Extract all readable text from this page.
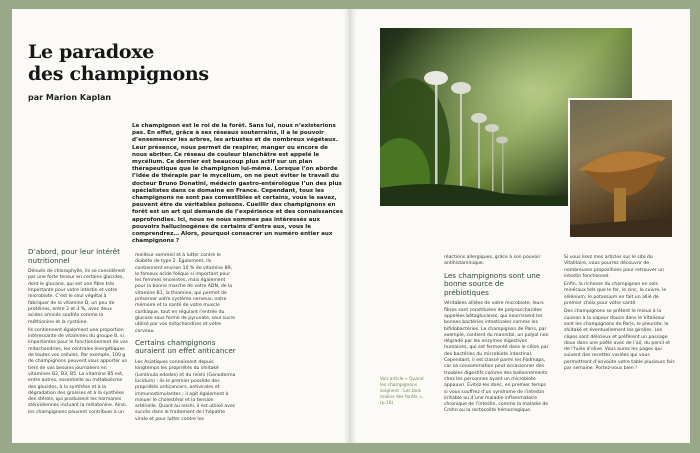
Le paradoxe
des champignons
par Marion Kaplan

Le champignon est le roi de la forêt. Sans lui, nous n’existerions pas. En effet, grâce à ses réseaux souterrains, il a le pouvoir d’ensemencer les arbres, les arbustes et de nombreux végétaux. Leur présence, nous permet de respirer, manger ou encore de nous abriter. Ce réseau de couleur blanchâtre est appelé le mycélium. Ce dernier est beaucoup plus actif sur un plan thérapeutique que le champignon lui-même. Lorsque l’on aborde l’idée de thérapie par le mycélium, on ne peut éviter le travail du docteur Bruno Donatini, médecin gastro-entérologue l’un des plus spécialistes dans ce domaine en France. Cependant, tous les champignons ne sont pas comestibles et certains, vous le savez, peuvent être de véritables poisons. Cueillir des champignons en forêt est un art qui demande de l’expérience et des connaissances approfondies. Ici, nous ne nous sommes pas intéressés aux pouvoirs hallucinogènes de certains d’entre eux, vous le comprendrez… Alors, pourquoi consacrer un numéro entier aux champignons ?

D’abord, pour leur intérêt nutritionnel

Dénués de chlorophylle, ils se considèrent par une forte teneur en certains glucides, dont le glucane, qui est une fibre très importante pour votre intestin et votre microbiote. C’est le seul végétal à fabriquer de la vitamine D, un peu de protéines, entre 2 et 3 %, avec deux acides aminés soufrés comme la méthionine et la cystéine.

Ils contiennent également une proportion intéressante de vitamines du groupe B, si importantes pour le fonctionnement de vos mitochondries, les centrales énergétiques de toutes vos cellules. Par exemple, 100 g de champignons peuvent vous apporter un tiers de vos besoins journaliers en vitamines B2, B3, B5. La vitamine B5 est, entre autres, essentielle au métabolisme des glucides, à la synthèse et à la dégradation des graisses et à la synthèse des stérols, qui produisent les hormones stéroïdiennes incluant la mélatonine. Ainsi, les champignons peuvent contribuer à un

meilleur sommeil et à lutter contre le diabète de type 2. Également, ils contiennent environ 10 % de vitamine B9, le fameux acide folique si important pour les femmes enceintes, mais également pour la bonne marche de votre ADN, de la vitamine B1, la thiamine, qui permet de préserver votre système nerveux, votre mémoire et la santé de votre muscle cardiaque, tout en régulant l’entrée du glucose sous forme de pyruvate, seul sucre utilisé par vos mitochondries et votre cerveau.

Certains champignons auraient un effet anticancer

Les Asiatiques connaissent depuis longtemps les propriétés du shiitaké (Lentinula edodes) et du reishi (Ganoderma lucidum) : ils le premier possède des propriétés anticancers, antivirales et immunostimulantes ; il agit également à minuer le cholestérol et la tension artérielle. Quant au reishi, il est utilisé avec succès dans le traitement de l’hépatite virale et pour lutter contre les

réactions allergiques, grâce à son pouvoir antihistaminique.

Les champignons sont une bonne source de prébiotiques

Véritables alliées de votre microbiote, leurs fibres sont constituées de polysaccharides appelées bêtaglucanes, qui nourrissent les bonnes bactéries intestinales comme les bifidobactéries. Le champignon de Paris, par exemple, contient du mannitol, un polyol non dégradé par les enzymes digestives humaines, qui est fermenté dans le côlon par des bactéries du microbiote intestinal. Cependant, il est classé parmi les Fodmaps, car sa consommation peut occasionner des troubles digestifs comme des ballonnements chez les personnes ayant un microbiote appauvri. Évitez-les donc, en premier temps si vous souffrez d’un syndrome de l’intestin irritable ou d’une maladie inflammatoire chronique de l’intestin, comme la maladie de Crohn ou la rectocolite hémorragique.

Si vous lisez mes articles sur le site du Vitalitaire, vous pourrez découvrir de nombreuses propositions pour retrouver un intestin fonctionnel.

Enfin, la richesse du champignon en sels minéraux tels que le fer, le zinc, le cuivre, le sélénium, le potassium en fait un allié de premier choix pour votre santé.

Des champignons se prêtent le mieux à la cuisson à la vapeur douce dans le Vitaliseur sont les champignons de Paris, le pleurote, le shiitaké et éventuellement les girolles. Les cèpes sont délicieux et préfèrent un passage doux dans une poêle avec de l’ail, du persil et de l’huile d’olive. Vous aurez les pages qui suivent des recettes variées qui vous permettront d’envoûte votre table plusieurs fois par semaine. Portez-vous bien !

Voir article « Quand les champignons soignent : Les bois malins des forêts », (p.16)
